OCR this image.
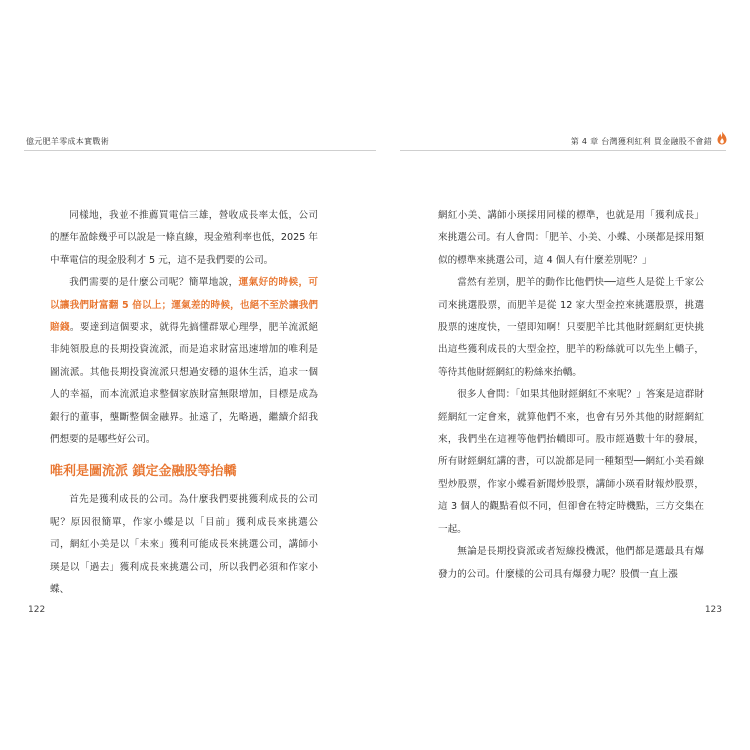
億元肥羊零成本實戰術	第 4 章 台灣獲利紅利 買金融股不會錯

同樣地，我並不推薦買電信三雄，營收成長率太低，公司的歷年盈餘幾乎可以說是一條直線，現金殖利率也低，2025 年中華電信的現金股利才 5 元，這不是我們要的公司。

我們需要的是什麼公司呢？簡單地說，運氣好的時候，可以讓我們財富翻 5 倍以上；運氣差的時候，也絕不至於讓我們賠錢。要達到這個要求，就得先搞懂群眾心理學，肥羊流派絕非純領股息的長期投資流派，而是追求財富迅速增加的唯利是圖流派。其他長期投資流派只想過安穩的退休生活，追求一個人的幸福，而本流派追求整個家族財富無限增加，目標是成為銀行的董事，壟斷整個金融界。扯遠了，先略過，繼續介紹我們想要的是哪些好公司。

唯利是圖流派 鎖定金融股等抬轎

首先是獲利成長的公司。為什麼我們要挑獲利成長的公司呢？原因很簡單，作家小蝶是以「目前」獲利成長來挑選公司，網紅小美是以「未來」獲利可能成長來挑選公司，講師小瑛是以「過去」獲利成長來挑選公司，所以我們必須和作家小蝶、

網紅小美、講師小瑛採用同樣的標準，也就是用「獲利成長」來挑選公司。有人會問：「肥羊、小美、小蝶、小瑛都是採用類似的標準來挑選公司，這 4 個人有什麼差別呢？」

當然有差別，肥羊的動作比他們快──這些人是從上千家公司來挑選股票，而肥羊是從 12 家大型金控來挑選股票，挑選股票的速度快，一望即知啊！只要肥羊比其他財經網紅更快挑出這些獲利成長的大型金控，肥羊的粉絲就可以先坐上轎子，等待其他財經網紅的粉絲來抬轎。

很多人會問：「如果其他財經網紅不來呢？」答案是這群財經網紅一定會來，就算他們不來，也會有另外其他的財經網紅來，我們坐在這裡等他們抬轎即可。股市經過數十年的發展，所有財經網紅講的書，可以說都是同一種類型──網紅小美看線型炒股票，作家小蝶看新聞炒股票，講師小瑛看財報炒股票，這 3 個人的觀點看似不同，但卻會在特定時機點，三方交集在一起。

無論是長期投資派或者短線投機派，他們都是選最具有爆發力的公司。什麼樣的公司具有爆發力呢？股價一直上漲

122	123
